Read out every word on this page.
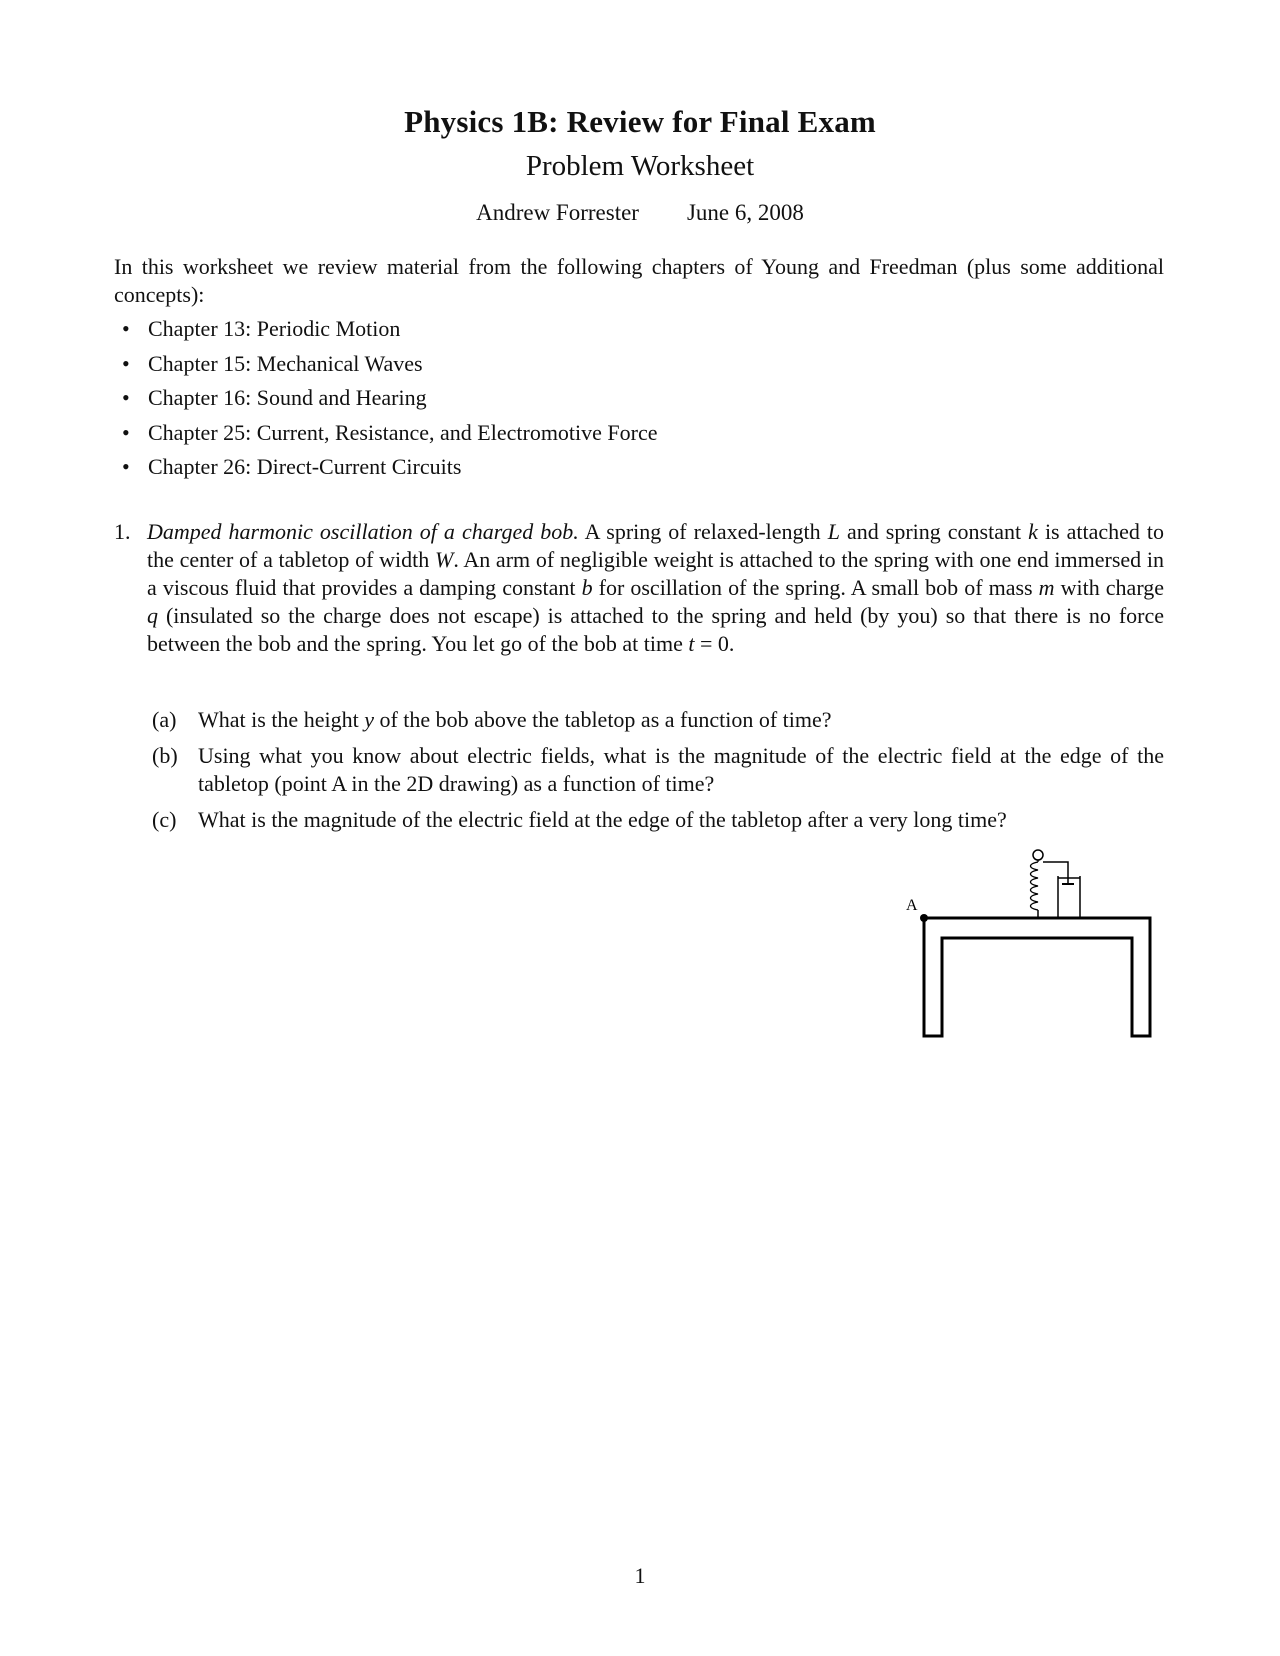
Physics 1B: Review for Final Exam
Problem Worksheet
Andrew Forrester June 6, 2008
In this worksheet we review material from the following chapters of Young and Freedman (plus some additional concepts):
• Chapter 13: Periodic Motion
• Chapter 15: Mechanical Waves
• Chapter 16: Sound and Hearing
• Chapter 25: Current, Resistance, and Electromotive Force
• Chapter 26: Direct-Current Circuits
1. Damped harmonic oscillation of a charged bob. A spring of relaxed-length L and spring constant k is attached to the center of a tabletop of width W. An arm of negligible weight is attached to the spring with one end immersed in a viscous fluid that provides a damping constant b for oscillation of the spring. A small bob of mass m with charge q (insulated so the charge does not escape) is attached to the spring and held (by you) so that there is no force between the bob and the spring. You let go of the bob at time t = 0.
(a) What is the height y of the bob above the tabletop as a function of time?
(b) Using what you know about electric fields, what is the magnitude of the electric field at the edge of the tabletop (point A in the 2D drawing) as a function of time?
(c) What is the magnitude of the electric field at the edge of the tabletop after a very long time?
A
1
